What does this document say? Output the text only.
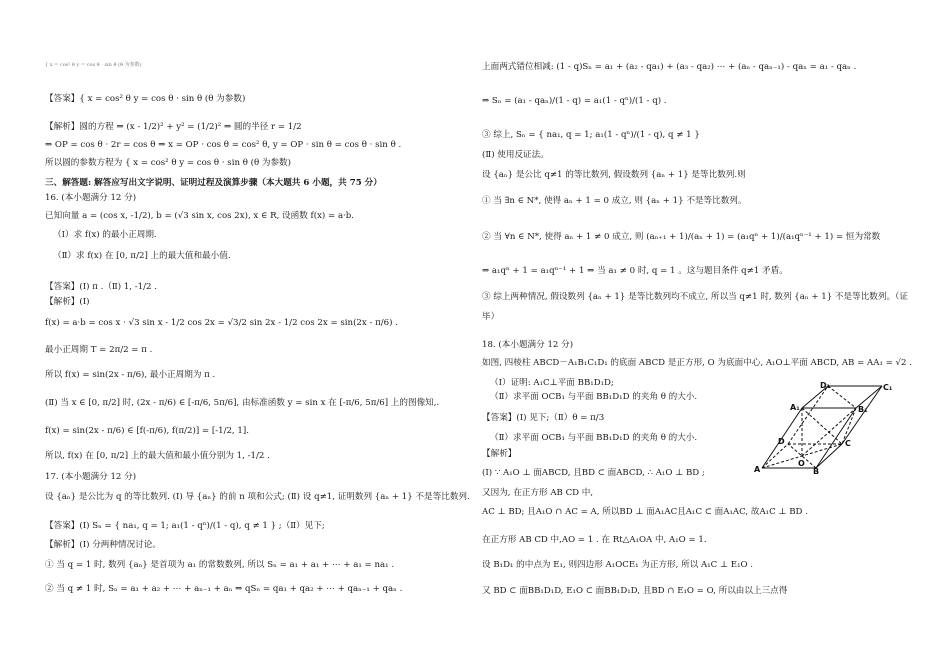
{ x = cos² θ y = cos θ · sin θ (θ 为参数)
【答案】{ x = cos² θ y = cos θ · sin θ (θ 为参数)
【解析】圆的方程 ⇒ (x - 1/2)² + y² = (1/2)² ⇒ 圆的半径 r = 1/2
⇒ OP = cos θ · 2r = cos θ ⇒ x = OP · cos θ = cos² θ, y = OP · sin θ = cos θ · sin θ .
所以圆的参数方程为 { x = cos² θ y = cos θ · sin θ (θ 为参数)
三、解答题: 解答应写出文字说明、证明过程及演算步骤（本大题共 6 小题，共 75 分）
16. (本小题满分 12 分)
已知向量 a = (cos x, -1/2), b = (√3 sin x, cos 2x), x ∈ R, 设函数 f(x) = a·b.
（Ⅰ）求 f(x) 的最小正周期.
（Ⅱ）求 f(x) 在 [0, π/2] 上的最大值和最小值.
【答案】(Ⅰ) π .（Ⅱ) 1, -1/2 .
【解析】(Ⅰ)
f(x) = a·b = cos x · √3 sin x - 1/2 cos 2x = √3/2 sin 2x - 1/2 cos 2x = sin(2x - π/6) .
最小正周期 T = 2π/2 = π .
所以 f(x) = sin(2x - π/6), 最小正周期为 π .
(Ⅱ) 当 x ∈ [0, π/2] 时, (2x - π/6) ∈ [-π/6, 5π/6], 由标准函数 y = sin x 在 [-π/6, 5π/6] 上的图像知,.
f(x) = sin(2x - π/6) ∈ [f(-π/6), f(π/2)] = [-1/2, 1].
所以, f(x) 在 [0, π/2] 上的最大值和最小值分别为 1, -1/2 .
17. (本小题满分 12 分)
设 {aₙ} 是公比为 q 的等比数列. (Ⅰ) 导 {aₙ} 的前 n 项和公式; (Ⅱ) 设 q≠1, 证明数列 {aₙ + 1} 不是等比数列.
【答案】(Ⅰ) Sₙ = { na₁, q = 1; a₁(1 - qⁿ)/(1 - q), q ≠ 1 } ;（Ⅱ）见下;
【解析】(Ⅰ) 分两种情况讨论。
① 当 q = 1 时, 数列 {aₙ} 是首项为 a₁ 的常数数列, 所以 Sₙ = a₁ + a₁ + ⋯ + a₁ = na₁ .
② 当 q ≠ 1 时, Sₙ = a₁ + a₂ + ⋯ + aₙ₋₁ + aₙ ⇒ qSₙ = qa₁ + qa₂ + ⋯ + qaₙ₋₁ + qaₙ .
A	B
C
D
O
A₁	B₁
C₁
D₁
上面两式错位相减: (1 - q)Sₙ = a₁ + (a₂ - qa₁) + (a₃ - qa₂) ⋯ + (aₙ - qaₙ₋₁) - qaₙ = a₁ - qaₙ .
⇒ Sₙ = (a₁ - qaₙ)/(1 - q) = a₁(1 - qⁿ)/(1 - q) .
③ 综上, Sₙ = { na₁, q = 1; a₁(1 - qⁿ)/(1 - q), q ≠ 1 }
(Ⅱ) 使用反证法。
设 {aₙ} 是公比 q≠1 的等比数列, 假设数列 {aₙ + 1} 是等比数列.则
① 当 ∃n ∈ N*, 使得 aₙ + 1 = 0 成立, 则 {aₙ + 1} 不是等比数列。
② 当 ∀n ∈ N*, 使得 aₙ + 1 ≠ 0 成立, 则 (aₙ₊₁ + 1)/(aₙ + 1) = (a₁qⁿ + 1)/(a₁qⁿ⁻¹ + 1) = 恒为常数
⇒ a₁qⁿ + 1 = a₁qⁿ⁻¹ + 1 ⇒ 当 a₁ ≠ 0 时, q = 1 。这与题目条件 q≠1 矛盾。
③ 综上两种情况, 假设数列 {aₙ + 1} 是等比数列均不成立, 所以当 q≠1 时, 数列 {aₙ + 1} 不是等比数列。（证
毕）
18. (本小题满分 12 分)
如图, 四棱柱 ABCD－A₁B₁C₁D₁ 的底面 ABCD 是正方形, O 为底面中心, A₁O⊥平面 ABCD, AB = AA₁ = √2 .
（Ⅰ）证明: A₁C⊥平面 BB₁D₁D;
（Ⅱ）求平面 OCB₁ 与平面 BB₁D₁D 的夹角 θ 的大小.
【答案】(Ⅰ) 见下;（Ⅱ）θ = π/3
（Ⅱ）求平面 OCB₁ 与平面 BB₁D₁D 的夹角 θ 的大小.
【解析】
(Ⅰ) ∵ A₁O ⊥ 面ABCD, 且BD ⊂ 面ABCD, ∴ A₁O ⊥ BD ;
又因为, 在正方形 AB CD 中,
AC ⊥ BD; 且A₁O ∩ AC = A, 所以BD ⊥ 面A₁AC且A₁C ⊂ 面A₁AC, 故A₁C ⊥ BD .
在正方形 AB CD 中,AO = 1 . 在 Rt△A₁OA 中, A₁O = 1.
设 B₁D₁ 的中点为 E₁, 则四边形 A₁OCE₁ 为正方形, 所以 A₁C ⊥ E₁O .
又 BD ⊂ 面BB₁D₁D, E₁O ⊂ 面BB₁D₁D, 且BD ∩ E₁O = O, 所以由以上三点得
